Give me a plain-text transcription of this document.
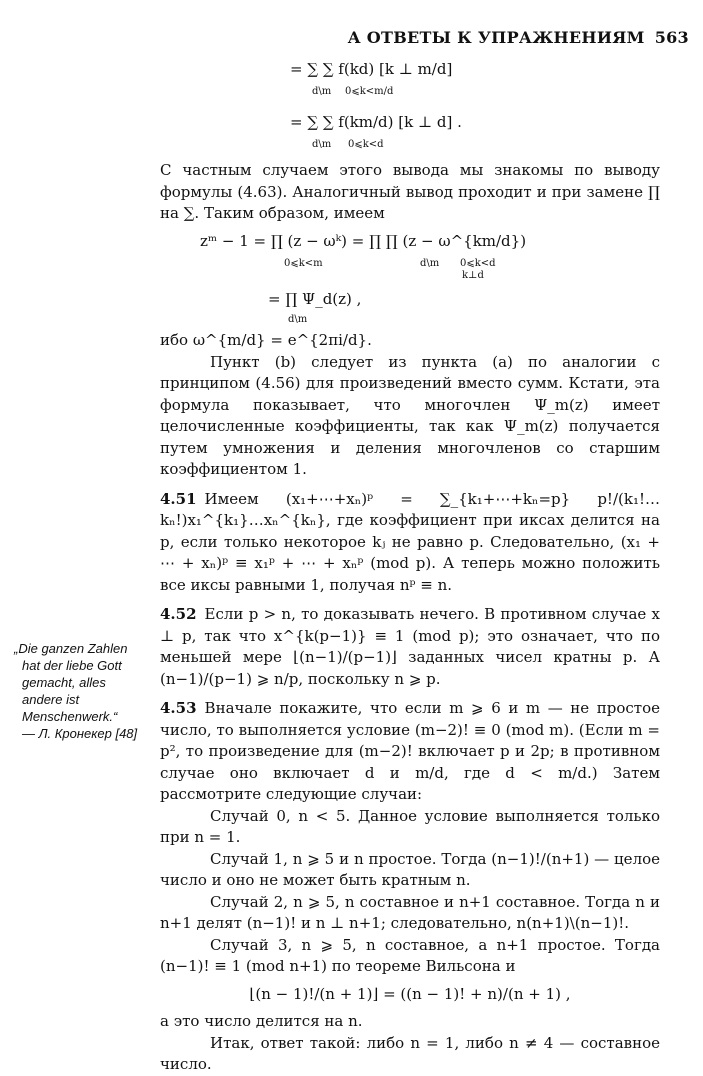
А ОТВЕТЫ К УПРАЖНЕНИЯМ 563
= ∑ ∑ f(kd) [k ⊥ m/d]
d\m 0⩽k<m/d
= ∑ ∑ f(km/d) [k ⊥ d] .
d\m 0⩽k<d

С частным случаем этого вывода мы знакомы по выводу формулы (4.63). Аналогичный вывод проходит и при замене ∏ на ∑. Таким образом, имеем

zᵐ − 1 = ∏ (z − ωᵏ) = ∏ ∏ (z − ω^{km/d})
0⩽k<m	d\m 0⩽k<d
k⊥d
= ∏ Ψ_d(z) ,
d\m

ибо ω^{m/d} = e^{2πi/d}.

Пункт (b) следует из пункта (a) по аналогии с принципом (4.56) для произведений вместо сумм. Кстати, эта формула показывает, что многочлен Ψ_m(z) имеет целочисленные коэффициенты, так как Ψ_m(z) получается путем умножения и деления многочленов со старшим коэффициентом 1.

4.51 Имеем (x₁+⋯+xₙ)ᵖ = ∑_{k₁+⋯+kₙ=p} p!/(k₁!…kₙ!)x₁^{k₁}…xₙ^{kₙ}, где коэффициент при иксах делится на p, если только некоторое kⱼ не равно p. Следовательно, (x₁ + ⋯ + xₙ)ᵖ ≡ x₁ᵖ + ⋯ + xₙᵖ (mod p). А теперь можно положить все иксы равными 1, получая nᵖ ≡ n.

4.52 Если p > n, то доказывать нечего. В противном случае x ⊥ p, так что x^{k(p−1)} ≡ 1 (mod p); это означает, что по меньшей мере ⌊(n−1)/(p−1)⌋ заданных чисел кратны p. А (n−1)/(p−1) ⩾ n/p, поскольку n ⩾ p.

4.53 Вначале покажите, что если m ⩾ 6 и m — не простое число, то выполняется условие (m−2)! ≡ 0 (mod m). (Если m = p², то произведение для (m−2)! включает p и 2p; в противном случае оно включает d и m/d, где d < m/d.) Затем рассмотрите следующие случаи:

Случай 0, n < 5. Данное условие выполняется только при n = 1.

Случай 1, n ⩾ 5 и n простое. Тогда (n−1)!/(n+1) — целое число и оно не может быть кратным n.

Случай 2, n ⩾ 5, n составное и n+1 составное. Тогда n и n+1 делят (n−1)! и n ⊥ n+1; следовательно, n(n+1)\(n−1)!.

Случай 3, n ⩾ 5, n составное, а n+1 простое. Тогда (n−1)! ≡ 1 (mod n+1) по теореме Вильсона и

⌊(n − 1)!/(n + 1)⌋ = ((n − 1)! + n)/(n + 1) ,

а это число делится на n.

Итак, ответ такой: либо n = 1, либо n ≠ 4 — составное число.

„Die ganzen Zahlen
hat der liebe Gott
gemacht, alles
andere ist
Menschenwerk.“
— Л. Кронекер [48]
